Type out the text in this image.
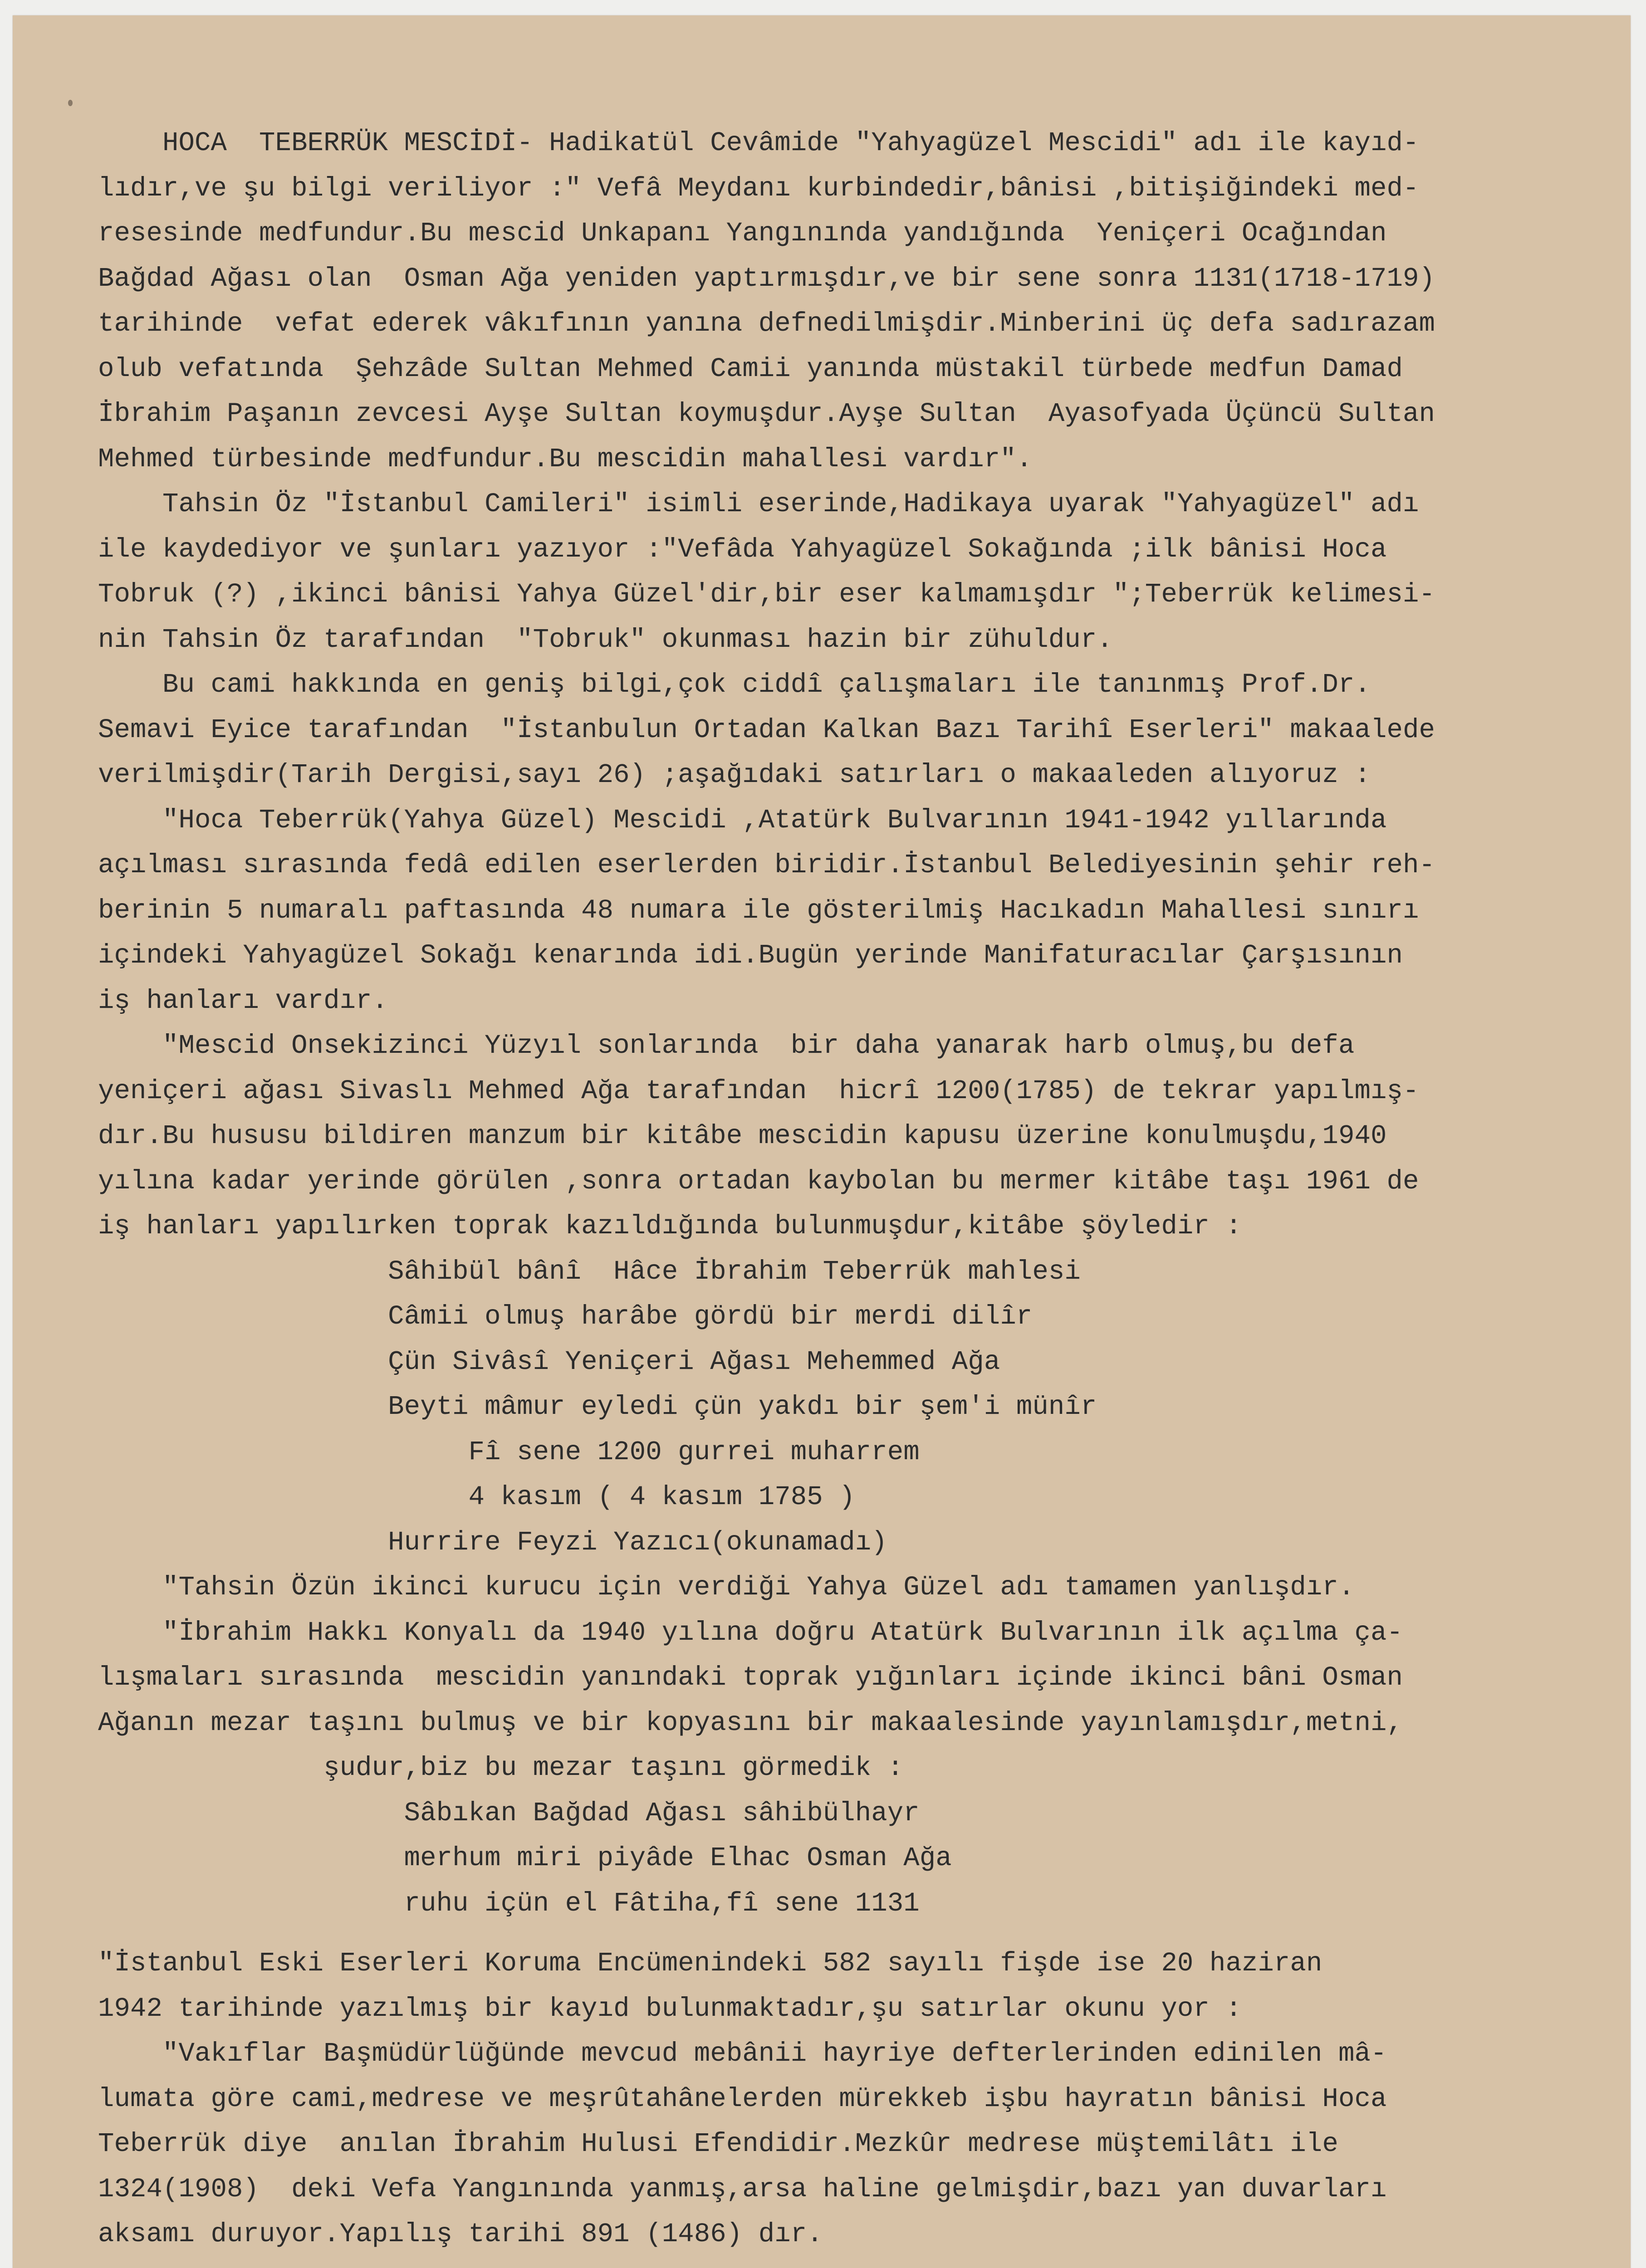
HOCA  TEBERRÜK MESCİDİ- Hadikatül Cevâmide "Yahyagüzel Mescidi" adı ile kayıd-
lıdır,ve şu bilgi veriliyor :" Vefâ Meydanı kurbindedir,bânisi ,bitişiğindeki med-
resesinde medfundur.Bu mescid Unkapanı Yangınında yandığında  Yeniçeri Ocağından
Bağdad Ağası olan  Osman Ağa yeniden yaptırmışdır,ve bir sene sonra 1131(1718-1719)
tarihinde  vefat ederek vâkıfının yanına defnedilmişdir.Minberini üç defa sadırazam
olub vefatında  Şehzâde Sultan Mehmed Camii yanında müstakil türbede medfun Damad
İbrahim Paşanın zevcesi Ayşe Sultan koymuşdur.Ayşe Sultan  Ayasofyada Üçüncü Sultan
Mehmed türbesinde medfundur.Bu mescidin mahallesi vardır".
Tahsin Öz "İstanbul Camileri" isimli eserinde,Hadikaya uyarak "Yahyagüzel" adı
ile kaydediyor ve şunları yazıyor :"Vefâda Yahyagüzel Sokağında ;ilk bânisi Hoca
Tobruk (?) ,ikinci bânisi Yahya Güzel'dir,bir eser kalmamışdır ";Teberrük kelimesi-
nin Tahsin Öz tarafından  "Tobruk" okunması hazin bir zühuldur.
Bu cami hakkında en geniş bilgi,çok ciddî çalışmaları ile tanınmış Prof.Dr.
Semavi Eyice tarafından  "İstanbulun Ortadan Kalkan Bazı Tarihî Eserleri" makaalede
verilmişdir(Tarih Dergisi,sayı 26) ;aşağıdaki satırları o makaaleden alıyoruz :
"Hoca Teberrük(Yahya Güzel) Mescidi ,Atatürk Bulvarının 1941-1942 yıllarında
açılması sırasında fedâ edilen eserlerden biridir.İstanbul Belediyesinin şehir reh-
berinin 5 numaralı paftasında 48 numara ile gösterilmiş Hacıkadın Mahallesi sınırı
içindeki Yahyagüzel Sokağı kenarında idi.Bugün yerinde Manifaturacılar Çarşısının
iş hanları vardır.
"Mescid Onsekizinci Yüzyıl sonlarında  bir daha yanarak harb olmuş,bu defa
yeniçeri ağası Sivaslı Mehmed Ağa tarafından  hicrî 1200(1785) de tekrar yapılmış-
dır.Bu hususu bildiren manzum bir kitâbe mescidin kapusu üzerine konulmuşdu,1940
yılına kadar yerinde görülen ,sonra ortadan kaybolan bu mermer kitâbe taşı 1961 de
iş hanları yapılırken toprak kazıldığında bulunmuşdur,kitâbe şöyledir :
Sâhibül bânî  Hâce İbrahim Teberrük mahlesi
Câmii olmuş harâbe gördü bir merdi dilîr
Çün Sivâsî Yeniçeri Ağası Mehemmed Ağa
Beyti mâmur eyledi çün yakdı bir şem'i münîr
Fî sene 1200 gurrei muharrem
4 kasım ( 4 kasım 1785 )
Hurrire Feyzi Yazıcı(okunamadı)
"Tahsin Özün ikinci kurucu için verdiği Yahya Güzel adı tamamen yanlışdır.
"İbrahim Hakkı Konyalı da 1940 yılına doğru Atatürk Bulvarının ilk açılma ça-
lışmaları sırasında  mescidin yanındaki toprak yığınları içinde ikinci bâni Osman
Ağanın mezar taşını bulmuş ve bir kopyasını bir makaalesinde yayınlamışdır,metni,
şudur,biz bu mezar taşını görmedik :
Sâbıkan Bağdad Ağası sâhibülhayr
merhum miri piyâde Elhac Osman Ağa
ruhu içün el Fâtiha,fî sene 1131
"İstanbul Eski Eserleri Koruma Encümenindeki 582 sayılı fişde ise 20 haziran
1942 tarihinde yazılmış bir kayıd bulunmaktadır,şu satırlar okunu yor :
"Vakıflar Başmüdürlüğünde mevcud mebânii hayriye defterlerinden edinilen mâ-
lumata göre cami,medrese ve meşrûtahânelerden mürekkeb işbu hayratın bânisi Hoca
Teberrük diye  anılan İbrahim Hulusi Efendidir.Mezkûr medrese müştemilâtı ile
1324(1908)  deki Vefa Yangınında yanmış,arsa haline gelmişdir,bazı yan duvarları
aksamı duruyor.Yapılış tarihi 891 (1486) dır.
